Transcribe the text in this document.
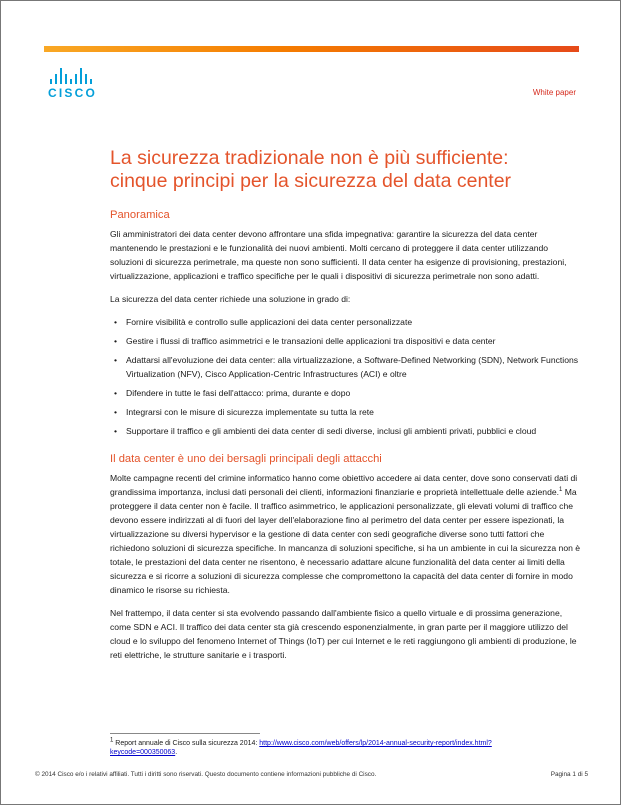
CISCO	White paper
La sicurezza tradizionale non è più sufficiente:
cinque principi per la sicurezza del data center
Panoramica

Gli amministratori dei data center devono affrontare una sfida impegnativa: garantire la sicurezza del data center mantenendo le prestazioni e le funzionalità dei nuovi ambienti. Molti cercano di proteggere il data center utilizzando soluzioni di sicurezza perimetrale, ma queste non sono sufficienti. Il data center ha esigenze di provisioning, prestazioni, virtualizzazione, applicazioni e traffico specifiche per le quali i dispositivi di sicurezza perimetrale non sono adatti.

La sicurezza del data center richiede una soluzione in grado di:

• Fornire visibilità e controllo sulle applicazioni dei data center personalizzate
• Gestire i flussi di traffico asimmetrici e le transazioni delle applicazioni tra dispositivi e data center
• Adattarsi all'evoluzione dei data center: alla virtualizzazione, a Software-Defined Networking (SDN), Network Functions Virtualization (NFV), Cisco Application-Centric Infrastructures (ACI) e oltre
• Difendere in tutte le fasi dell'attacco: prima, durante e dopo
• Integrarsi con le misure di sicurezza implementate su tutta la rete
• Supportare il traffico e gli ambienti dei data center di sedi diverse, inclusi gli ambienti privati, pubblici e cloud
Il data center è uno dei bersagli principali degli attacchi

Molte campagne recenti del crimine informatico hanno come obiettivo accedere ai data center, dove sono conservati dati di grandissima importanza, inclusi dati personali dei clienti, informazioni finanziarie e proprietà intellettuale delle aziende.$^1$ Ma proteggere il data center non è facile. Il traffico asimmetrico, le applicazioni personalizzate, gli elevati volumi di traffico che devono essere indirizzati al di fuori del layer dell'elaborazione fino al perimetro del data center per essere ispezionati, la virtualizzazione su diversi hypervisor e la gestione di data center con sedi geografiche diverse sono tutti fattori che richiedono soluzioni di sicurezza specifiche. In mancanza di soluzioni specifiche, si ha un ambiente in cui la sicurezza non è totale, le prestazioni del data center ne risentono, è necessario adattare alcune funzionalità del data center ai limiti della sicurezza e si ricorre a soluzioni di sicurezza complesse che compromettono la capacità del data center di fornire in modo dinamico le risorse su richiesta.

Nel frattempo, il data center si sta evolvendo passando dall'ambiente fisico a quello virtuale e di prossima generazione, come SDN e ACI. Il traffico dei data center sta già crescendo esponenzialmente, in gran parte per il maggiore utilizzo del cloud e lo sviluppo del fenomeno Internet of Things (IoT) per cui Internet e le reti raggiungono gli ambienti di produzione, le reti elettriche, le strutture sanitarie e i trasporti.

$^1$ Report annuale di Cisco sulla sicurezza 2014: http://www.cisco.com/web/offers/lp/2014-annual-security-report/index.html?keycode=000350063.
© 2014 Cisco e/o i relativi affiliati. Tutti i diritti sono riservati. Questo documento contiene informazioni pubbliche di Cisco.	Pagina 1 di 5
